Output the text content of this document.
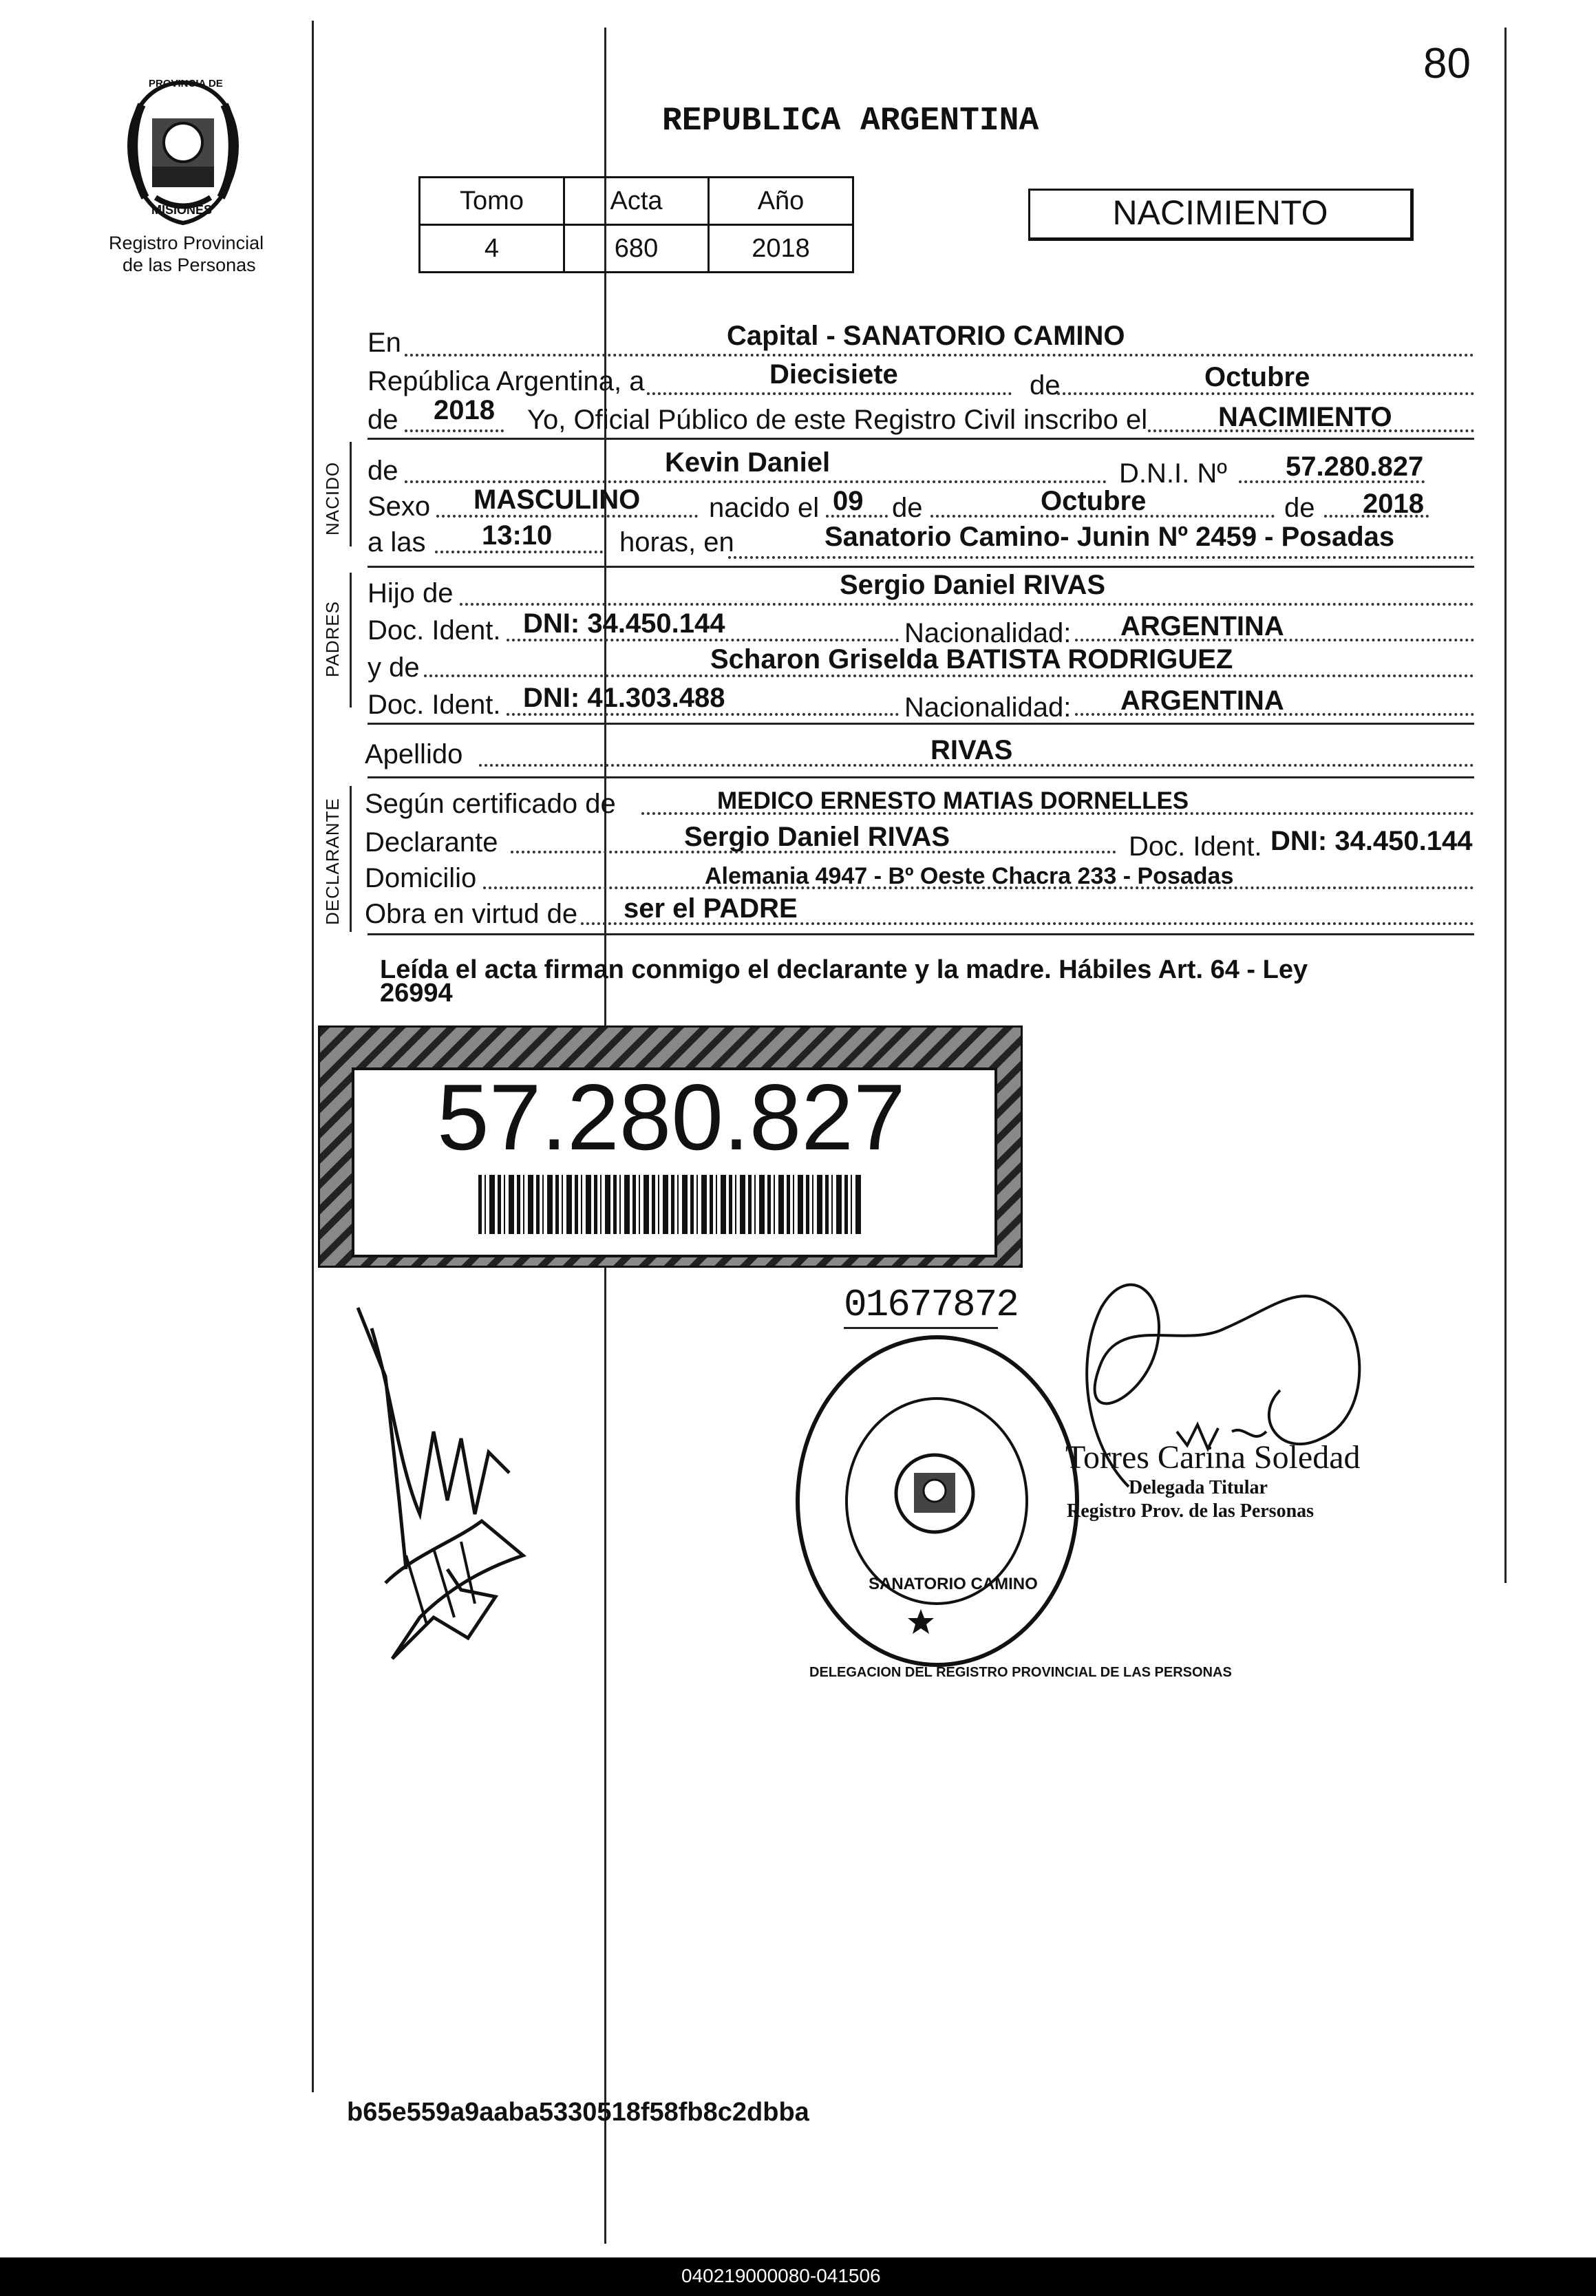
80
PROVINCIA DE
MISIONES
Registro Provincial
de las Personas
REPUBLICA ARGENTINA
Tomo	Acta	Año
4	680	2018
NACIMIENTO
En	Capital - SANATORIO CAMINO
República Argentina, a	Diecisiete	de	Octubre
de 2018 Yo, Oficial Público de este Registro Civil inscribo el	NACIMIENTO
NACIDO de	Kevin Daniel	D.N.I. Nº 57.280.827
Sexo MASCULINO nacido el 09 de	Octubre	de 2018
a las 13:10 horas, en	Sanatorio Camino- Junin Nº 2459 - Posadas
PADRES
Hijo de	Sergio Daniel RIVAS
Doc. Ident. DNI: 34.450.144	Nacionalidad: ARGENTINA
y de	Scharon Griselda BATISTA RODRIGUEZ
Doc. Ident. DNI: 41.303.488	Nacionalidad: ARGENTINA
Apellido	RIVAS
DECLARANTE Según certificado de	MEDICO ERNESTO MATIAS DORNELLES
Declarante	Sergio Daniel RIVAS	Doc. Ident. DNI: 34.450.144
Domicilio	Alemania 4947 - Bº Oeste Chacra 233 - Posadas
Obra en virtud de ser el PADRE
Leída el acta firman conmigo el declarante y la madre. Hábiles Art. 64 - Ley
26994
57.280.827
01677872
DELEGACION DEL REGISTRO PROVINCIAL DE LAS PERSONAS
SANATORIO CAMINO
Torres Carina Soledad
Delegada Titular
Registro Prov. de las Personas
b65e559a9aaba5330518f58fb8c2dbba
040219000080-041506
